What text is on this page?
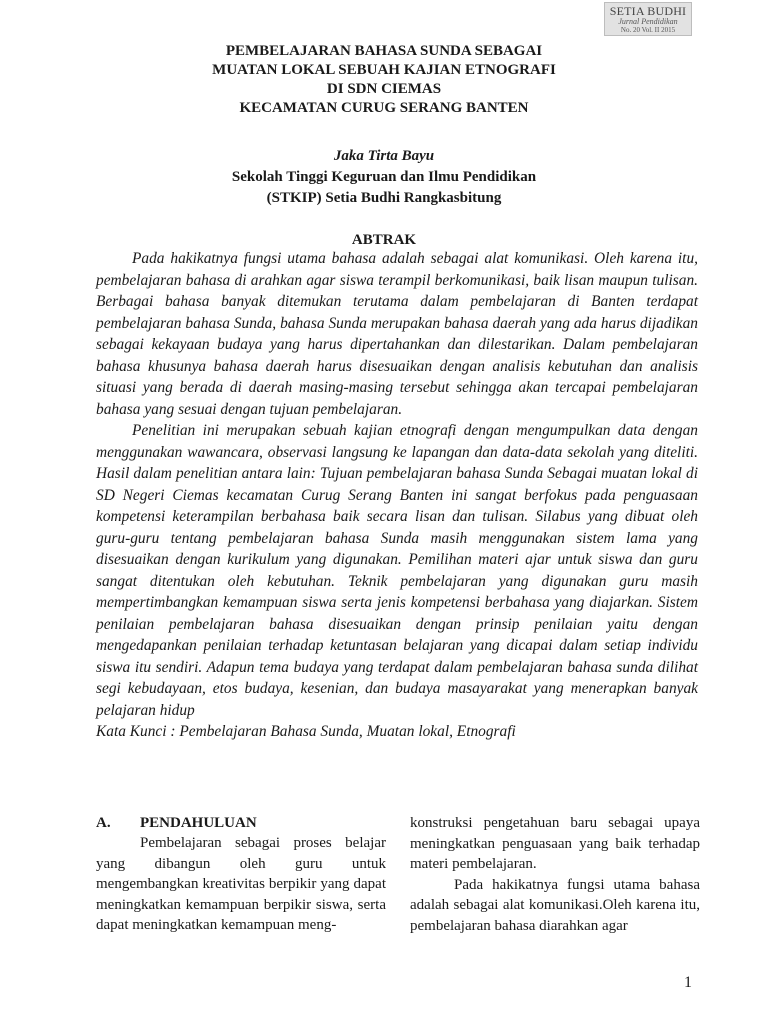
SETIA BUDHI
Jurnal Pendidikan
No. 20 Vol. II 2015
PEMBELAJARAN BAHASA SUNDA SEBAGAI
MUATAN LOKAL SEBUAH KAJIAN ETNOGRAFI
DI SDN CIEMAS
KECAMATAN CURUG SERANG BANTEN
Jaka Tirta Bayu
Sekolah Tinggi Keguruan dan Ilmu Pendidikan
(STKIP) Setia Budhi Rangkasbitung
ABTRAK

Pada hakikatnya fungsi utama bahasa adalah sebagai alat komunikasi. Oleh karena itu, pembelajaran bahasa di arahkan agar siswa terampil berkomunikasi, baik lisan maupun tulisan. Berbagai bahasa banyak ditemukan terutama dalam pembelajaran di Banten terdapat pembelajaran bahasa Sunda, bahasa Sunda merupakan bahasa daerah yang ada harus dijadikan sebagai kekayaan budaya yang harus dipertahankan dan dilestarikan. Dalam pembelajaran bahasa khusunya bahasa daerah harus disesuaikan dengan analisis kebutuhan dan analisis situasi yang berada di daerah masing-masing tersebut sehingga akan tercapai pembelajaran bahasa yang sesuai dengan tujuan pembelajaran.

Penelitian ini merupakan sebuah kajian etnografi dengan mengumpulkan data dengan menggunakan wawancara, observasi langsung ke lapangan dan data-data sekolah yang diteliti. Hasil dalam penelitian antara lain: Tujuan pembelajaran bahasa Sunda Sebagai muatan lokal di SD Negeri Ciemas kecamatan Curug Serang Banten ini sangat berfokus pada penguasaan kompetensi keterampilan berbahasa baik secara lisan dan tulisan. Silabus yang dibuat oleh guru-guru tentang pembelajaran bahasa Sunda masih menggunakan sistem lama yang disesuaikan dengan kurikulum yang digunakan. Pemilihan materi ajar untuk siswa dan guru sangat ditentukan oleh kebutuhan. Teknik pembelajaran yang digunakan guru masih mempertimbangkan kemampuan siswa serta jenis kompetensi berbahasa yang diajarkan. Sistem penilaian pembelajaran bahasa disesuaikan dengan prinsip penilaian yaitu dengan mengedapankan penilaian terhadap ketuntasan belajaran yang dicapai dalam setiap individu siswa itu sendiri. Adapun tema budaya yang terdapat dalam pembelajaran bahasa sunda dilihat segi kebudayaan, etos budaya, kesenian, dan budaya masayarakat yang menerapkan banyak pelajaran hidup

Kata Kunci : Pembelajaran Bahasa Sunda, Muatan lokal, Etnografi

A. PENDAHULUAN

Pembelajaran sebagai proses belajar yang dibangun oleh guru untuk mengembangkan kreativitas berpikir yang dapat meningkatkan kemampuan berpikir siswa, serta dapat meningkatkan kemampuan meng-

konstruksi pengetahuan baru sebagai upaya meningkatkan penguasaan yang baik terhadap materi pembelajaran.

Pada hakikatnya fungsi utama bahasa adalah sebagai alat komunikasi.Oleh karena itu, pembelajaran bahasa diarahkan agar

1
